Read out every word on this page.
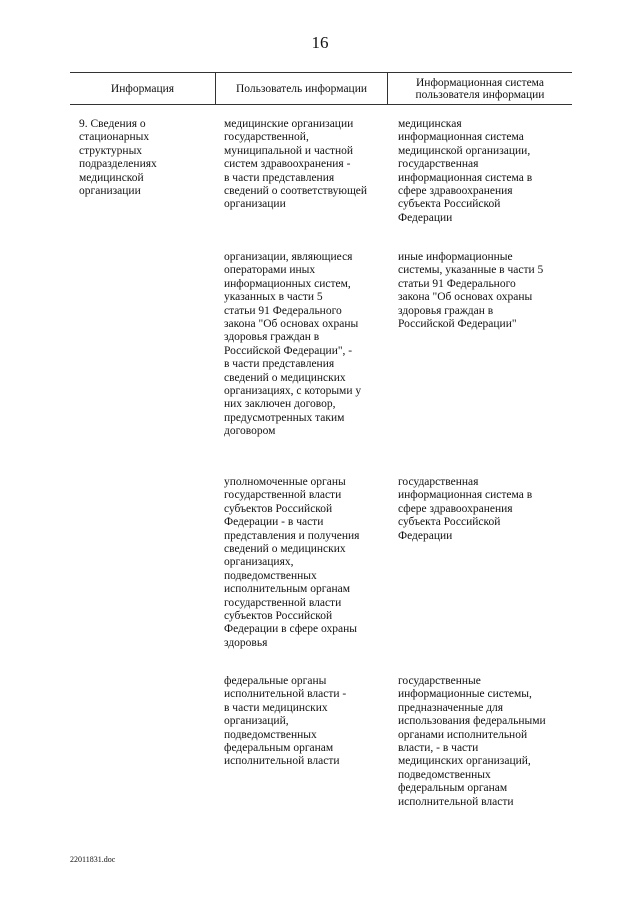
16
Информация	Пользователь информации	Информационная система
пользователя информации
9. Сведения о
стационарных
структурных
подразделениях
медицинской
организации
медицинские организации
государственной,
муниципальной и частной
систем здравоохранения -
в части представления
сведений о соответствующей
организации
медицинская
информационная система
медицинской организации,
государственная
информационная система в
сфере здравоохранения
субъекта Российской
Федерации
организации, являющиеся
операторами иных
информационных систем,
указанных в части 5
статьи 91 Федерального
закона "Об основах охраны
здоровья граждан в
Российской Федерации", -
в части представления
сведений о медицинских
организациях, с которыми у
них заключен договор,
предусмотренных таким
договором
иные информационные
системы, указанные в части 5
статьи 91 Федерального
закона "Об основах охраны
здоровья граждан в
Российской Федерации"
уполномоченные органы
государственной власти
субъектов Российской
Федерации - в части
представления и получения
сведений о медицинских
организациях,
подведомственных
исполнительным органам
государственной власти
субъектов Российской
Федерации в сфере охраны
здоровья
государственная
информационная система в
сфере здравоохранения
субъекта Российской
Федерации
федеральные органы
исполнительной власти -
в части медицинских
организаций,
подведомственных
федеральным органам
исполнительной власти
государственные
информационные системы,
предназначенные для
использования федеральными
органами исполнительной
власти, - в части
медицинских организаций,
подведомственных
федеральным органам
исполнительной власти
22011831.doc
